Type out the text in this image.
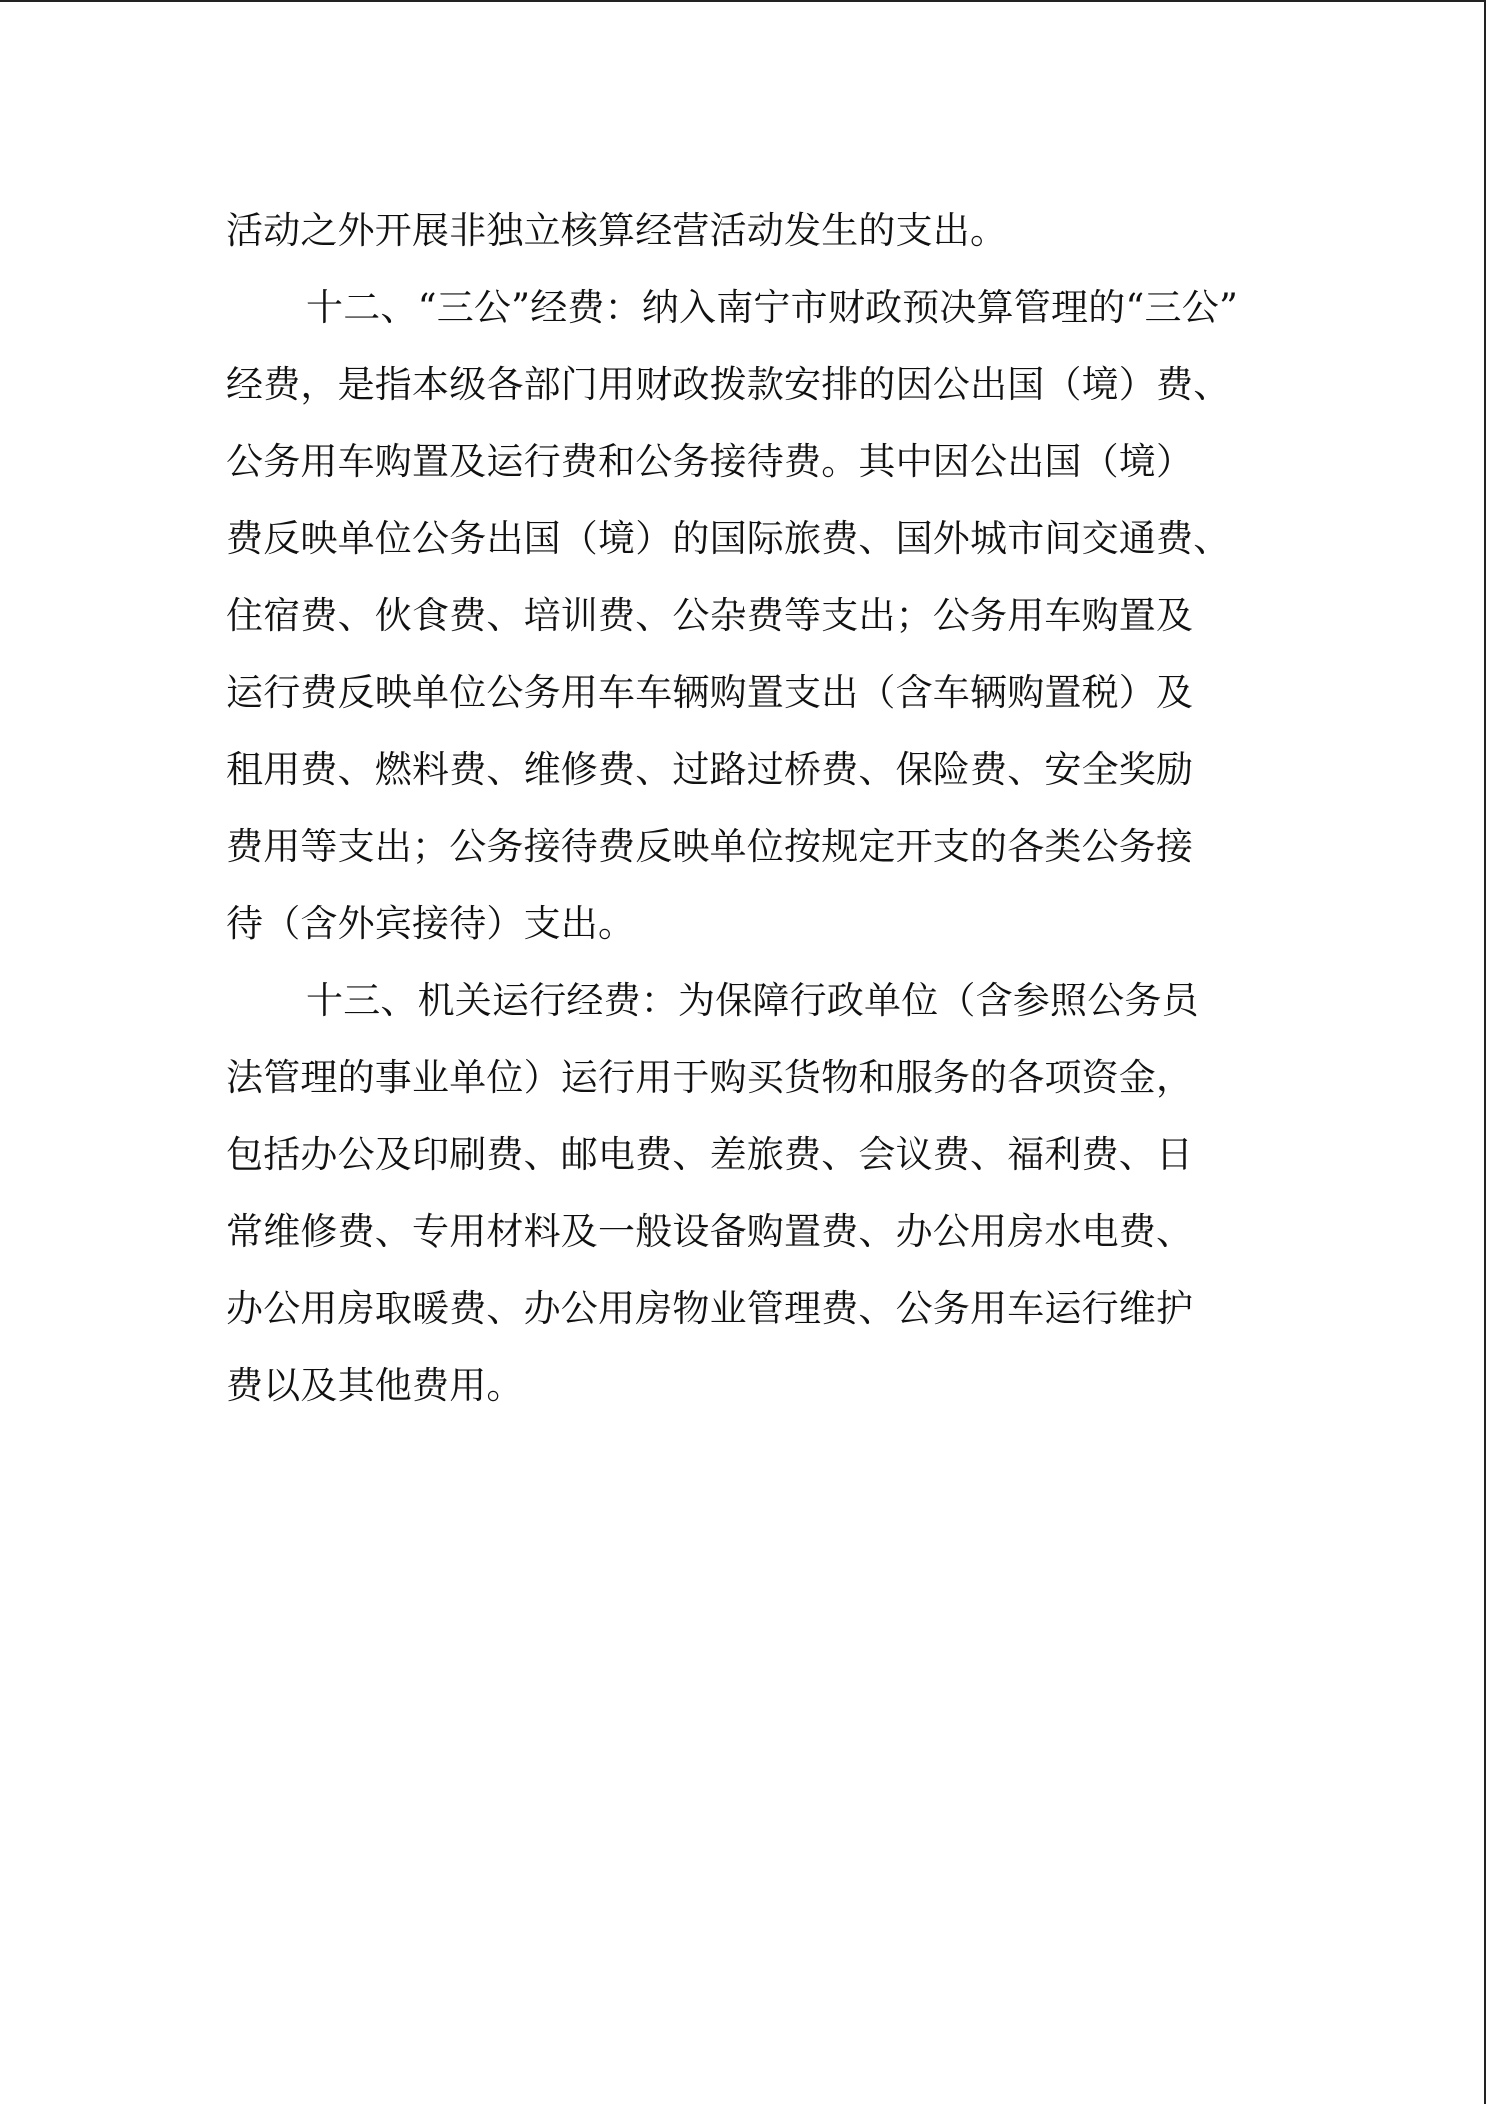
活动之外开展非独立核算经营活动发生的支出。
十二、“三公”经费：纳入南宁市财政预决算管理的“三公”
经费，是指本级各部门用财政拨款安排的因公出国（境）费、
公务用车购置及运行费和公务接待费。其中因公出国（境）
费反映单位公务出国（境）的国际旅费、国外城市间交通费、
住宿费、伙食费、培训费、公杂费等支出；公务用车购置及
运行费反映单位公务用车车辆购置支出（含车辆购置税）及
租用费、燃料费、维修费、过路过桥费、保险费、安全奖励
费用等支出；公务接待费反映单位按规定开支的各类公务接
待（含外宾接待）支出。
十三、机关运行经费：为保障行政单位（含参照公务员
法管理的事业单位）运行用于购买货物和服务的各项资金，
包括办公及印刷费、邮电费、差旅费、会议费、福利费、日
常维修费、专用材料及一般设备购置费、办公用房水电费、
办公用房取暖费、办公用房物业管理费、公务用车运行维护
费以及其他费用。
